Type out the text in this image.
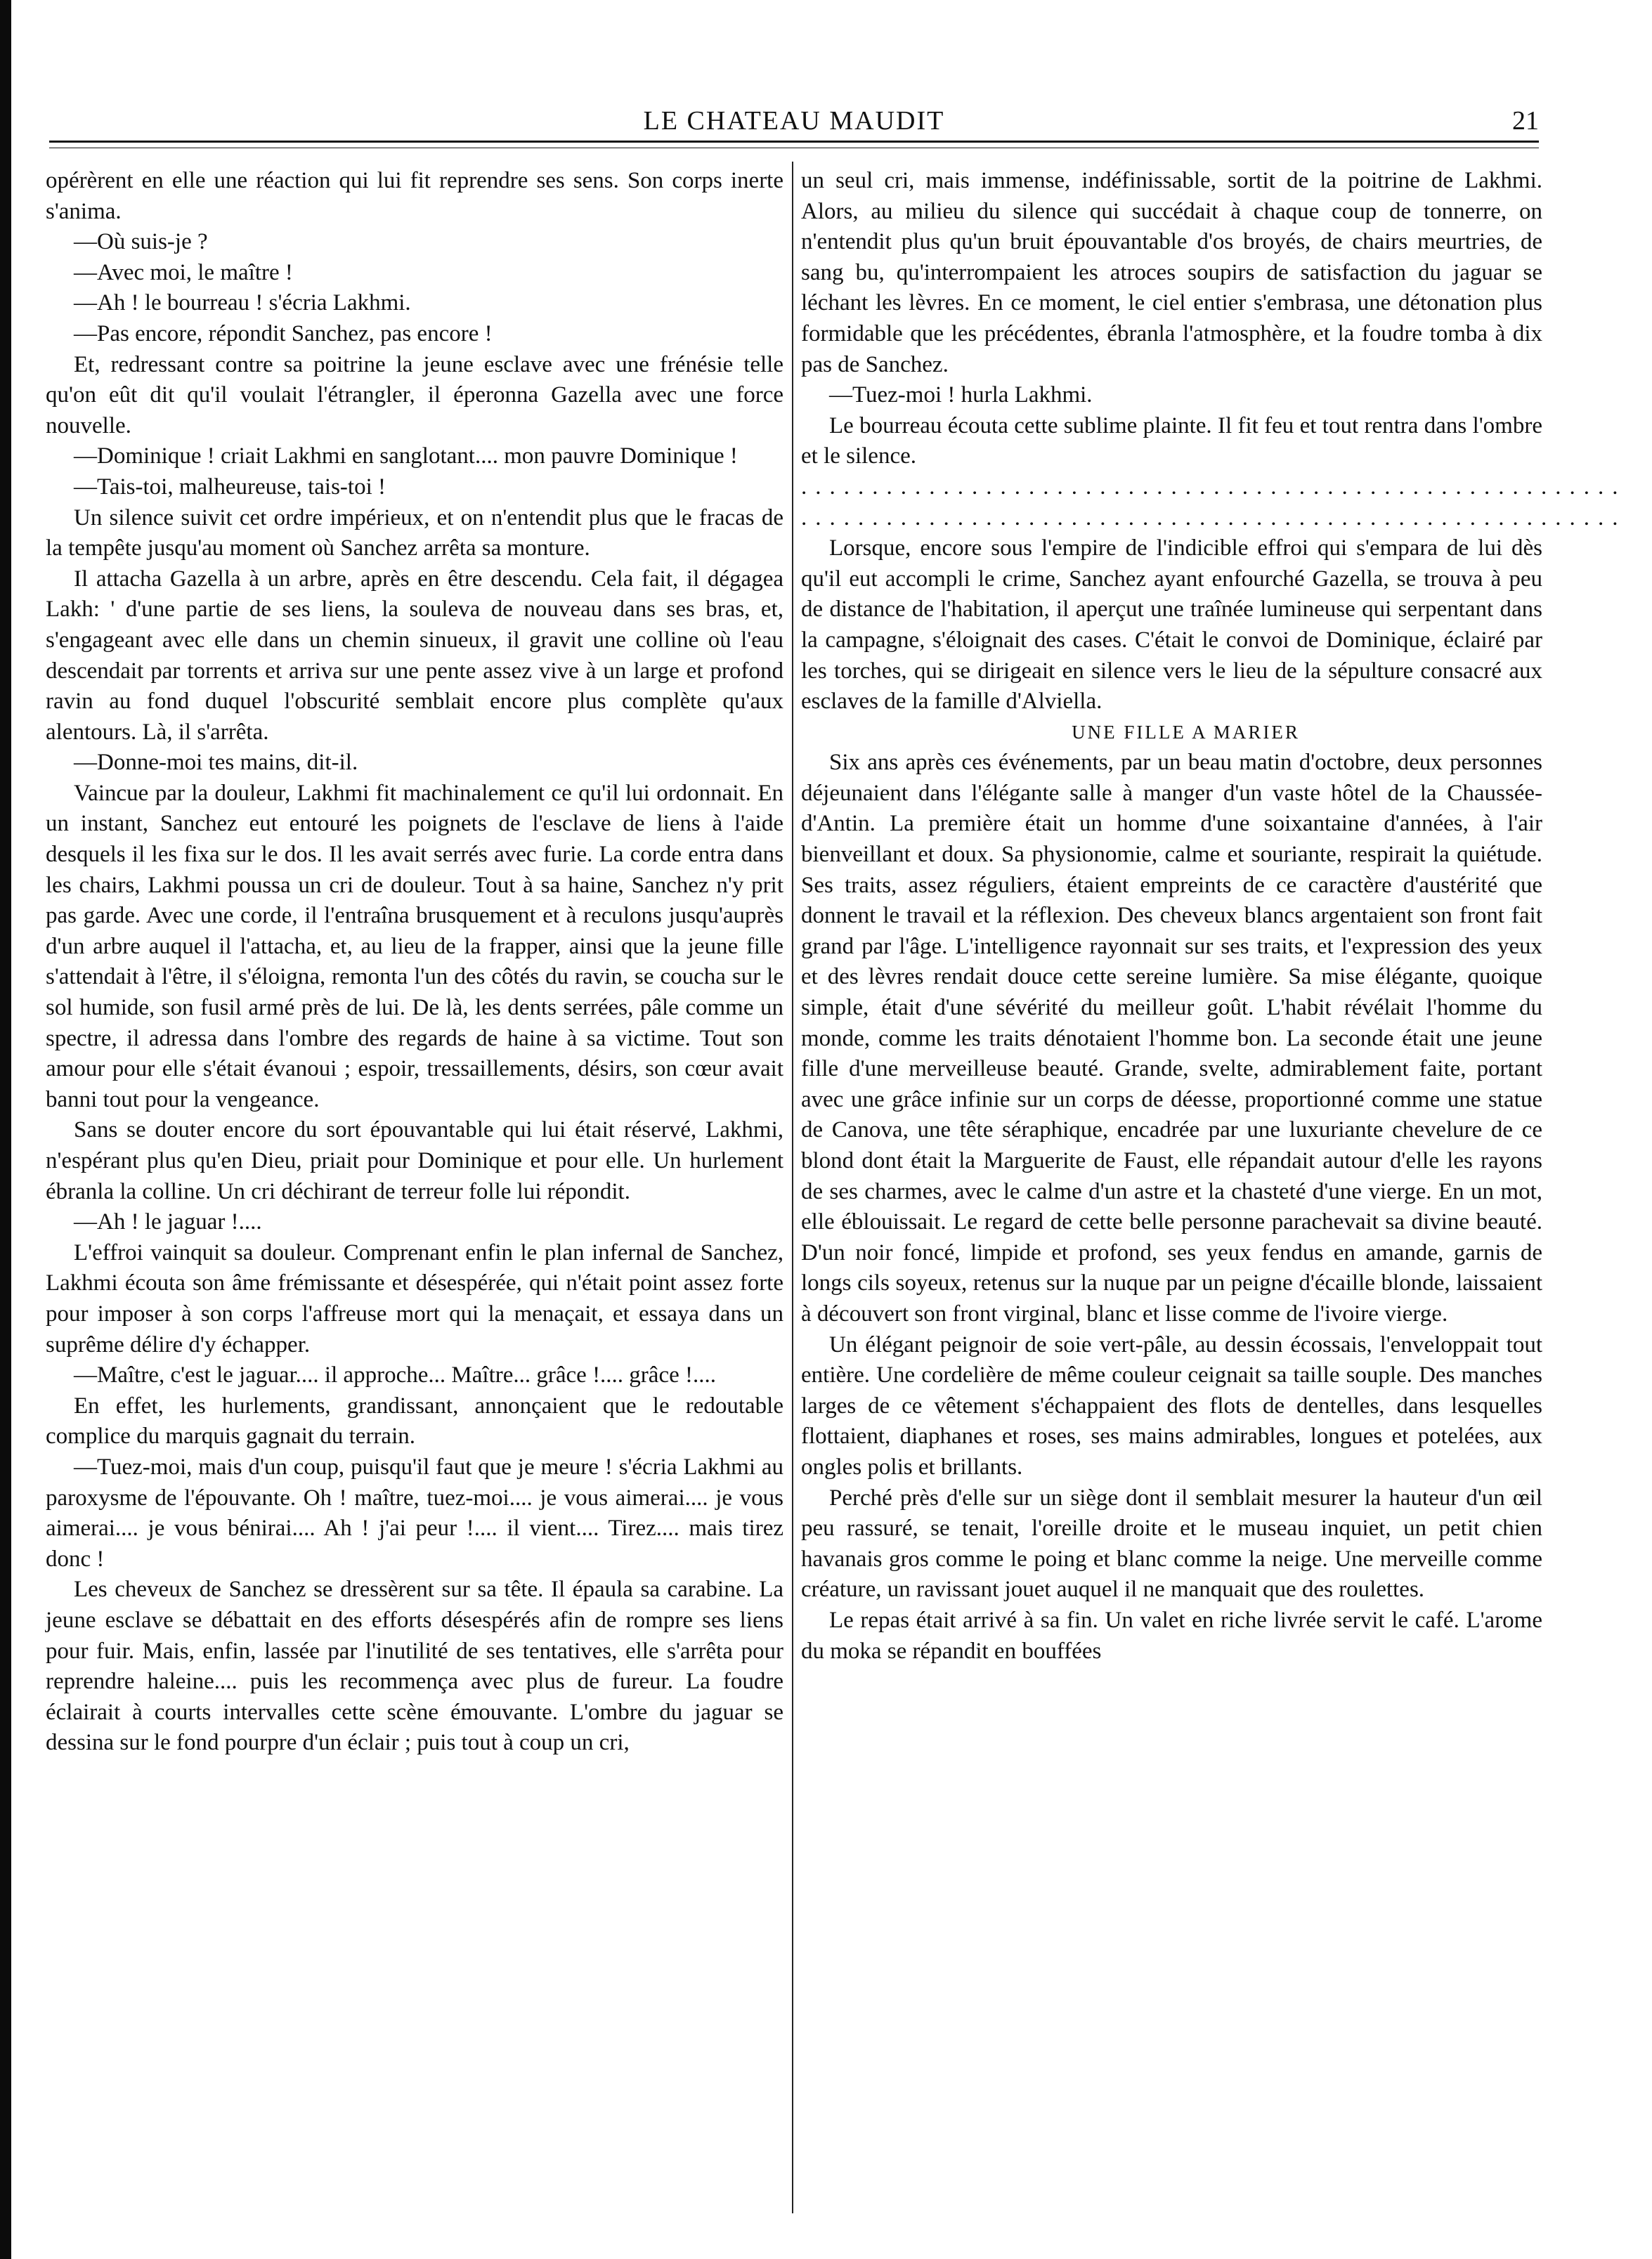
LE CHATEAU MAUDIT	21

opérèrent en elle une réaction qui lui fit reprendre ses sens. Son corps inerte s'anima.

—Où suis-je ?

—Avec moi, le maître !

—Ah ! le bourreau ! s'écria Lakhmi.

—Pas encore, répondit Sanchez, pas encore !

Et, redressant contre sa poitrine la jeune esclave avec une frénésie telle qu'on eût dit qu'il voulait l'étrangler, il éperonna Gazella avec une force nouvelle.

—Dominique ! criait Lakhmi en sanglotant.... mon pauvre Dominique !

—Tais-toi, malheureuse, tais-toi !

Un silence suivit cet ordre impérieux, et on n'entendit plus que le fracas de la tempête jusqu'au moment où Sanchez arrêta sa monture.

Il attacha Gazella à un arbre, après en être descendu. Cela fait, il dégagea Lakh: ' d'une partie de ses liens, la souleva de nouveau dans ses bras, et, s'engageant avec elle dans un chemin sinueux, il gravit une colline où l'eau descendait par torrents et arriva sur une pente assez vive à un large et profond ravin au fond duquel l'obscurité semblait encore plus complète qu'aux alentours. Là, il s'arrêta.

—Donne-moi tes mains, dit-il.

Vaincue par la douleur, Lakhmi fit machinalement ce qu'il lui ordonnait. En un instant, Sanchez eut entouré les poignets de l'esclave de liens à l'aide desquels il les fixa sur le dos. Il les avait serrés avec furie. La corde entra dans les chairs, Lakhmi poussa un cri de douleur. Tout à sa haine, Sanchez n'y prit pas garde. Avec une corde, il l'entraîna brusquement et à reculons jusqu'auprès d'un arbre auquel il l'attacha, et, au lieu de la frapper, ainsi que la jeune fille s'attendait à l'être, il s'éloigna, remonta l'un des côtés du ravin, se coucha sur le sol humide, son fusil armé près de lui. De là, les dents serrées, pâle comme un spectre, il adressa dans l'ombre des regards de haine à sa victime. Tout son amour pour elle s'était évanoui ; espoir, tressaillements, désirs, son cœur avait banni tout pour la vengeance.

Sans se douter encore du sort épouvantable qui lui était réservé, Lakhmi, n'espérant plus qu'en Dieu, priait pour Dominique et pour elle. Un hurlement ébranla la colline. Un cri déchirant de terreur folle lui répondit.

—Ah ! le jaguar !....

L'effroi vainquit sa douleur. Comprenant enfin le plan infernal de Sanchez, Lakhmi écouta son âme frémissante et désespérée, qui n'était point assez forte pour imposer à son corps l'affreuse mort qui la menaçait, et essaya dans un suprême délire d'y échapper.

—Maître, c'est le jaguar.... il approche... Maître... grâce !.... grâce !....

En effet, les hurlements, grandissant, annonçaient que le redoutable complice du marquis gagnait du terrain.

—Tuez-moi, mais d'un coup, puisqu'il faut que je meure ! s'écria Lakhmi au paroxysme de l'épouvante. Oh ! maître, tuez-moi.... je vous aimerai.... je vous aimerai.... je vous bénirai.... Ah ! j'ai peur !.... il vient.... Tirez.... mais tirez donc !

Les cheveux de Sanchez se dressèrent sur sa tête. Il épaula sa carabine. La jeune esclave se débattait en des efforts désespérés afin de rompre ses liens pour fuir. Mais, enfin, lassée par l'inutilité de ses tentatives, elle s'arrêta pour reprendre haleine.... puis les recommença avec plus de fureur. La foudre éclairait à courts intervalles cette scène émouvante. L'ombre du jaguar se dessina sur le fond pourpre d'un éclair ; puis tout à coup un cri,

un seul cri, mais immense, indéfinissable, sortit de la poitrine de Lakhmi. Alors, au milieu du silence qui succédait à chaque coup de tonnerre, on n'entendit plus qu'un bruit épouvantable d'os broyés, de chairs meurtries, de sang bu, qu'interrompaient les atroces soupirs de satisfaction du jaguar se léchant les lèvres. En ce moment, le ciel entier s'embrasa, une détonation plus formidable que les précédentes, ébranla l'atmosphère, et la foudre tomba à dix pas de Sanchez.

—Tuez-moi ! hurla Lakhmi.

Le bourreau écouta cette sublime plainte. Il fit feu et tout rentra dans l'ombre et le silence.

..........................................................
..........................................................

Lorsque, encore sous l'empire de l'indicible effroi qui s'empara de lui dès qu'il eut accompli le crime, Sanchez ayant enfourché Gazella, se trouva à peu de distance de l'habitation, il aperçut une traînée lumineuse qui serpentant dans la campagne, s'éloignait des cases. C'était le convoi de Dominique, éclairé par les torches, qui se dirigeait en silence vers le lieu de la sépulture consacré aux esclaves de la famille d'Alviella.

UNE FILLE A MARIER

Six ans après ces événements, par un beau matin d'octobre, deux personnes déjeunaient dans l'élégante salle à manger d'un vaste hôtel de la Chaussée-d'Antin. La première était un homme d'une soixantaine d'années, à l'air bienveillant et doux. Sa physionomie, calme et souriante, respirait la quiétude. Ses traits, assez réguliers, étaient empreints de ce caractère d'austérité que donnent le travail et la réflexion. Des cheveux blancs argentaient son front fait grand par l'âge. L'intelligence rayonnait sur ses traits, et l'expression des yeux et des lèvres rendait douce cette sereine lumière. Sa mise élégante, quoique simple, était d'une sévérité du meilleur goût. L'habit révélait l'homme du monde, comme les traits dénotaient l'homme bon. La seconde était une jeune fille d'une merveilleuse beauté. Grande, svelte, admirablement faite, portant avec une grâce infinie sur un corps de déesse, proportionné comme une statue de Canova, une tête séraphique, encadrée par une luxuriante chevelure de ce blond dont était la Marguerite de Faust, elle répandait autour d'elle les rayons de ses charmes, avec le calme d'un astre et la chasteté d'une vierge. En un mot, elle éblouissait. Le regard de cette belle personne parachevait sa divine beauté. D'un noir foncé, limpide et profond, ses yeux fendus en amande, garnis de longs cils soyeux, retenus sur la nuque par un peigne d'écaille blonde, laissaient à découvert son front virginal, blanc et lisse comme de l'ivoire vierge.

Un élégant peignoir de soie vert-pâle, au dessin écossais, l'enveloppait tout entière. Une cordelière de même couleur ceignait sa taille souple. Des manches larges de ce vêtement s'échappaient des flots de dentelles, dans lesquelles flottaient, diaphanes et roses, ses mains admirables, longues et potelées, aux ongles polis et brillants.

Perché près d'elle sur un siège dont il semblait mesurer la hauteur d'un œil peu rassuré, se tenait, l'oreille droite et le museau inquiet, un petit chien havanais gros comme le poing et blanc comme la neige. Une merveille comme créature, un ravissant jouet auquel il ne manquait que des roulettes.

Le repas était arrivé à sa fin. Un valet en riche livrée servit le café. L'arome du moka se répandit en bouffées
